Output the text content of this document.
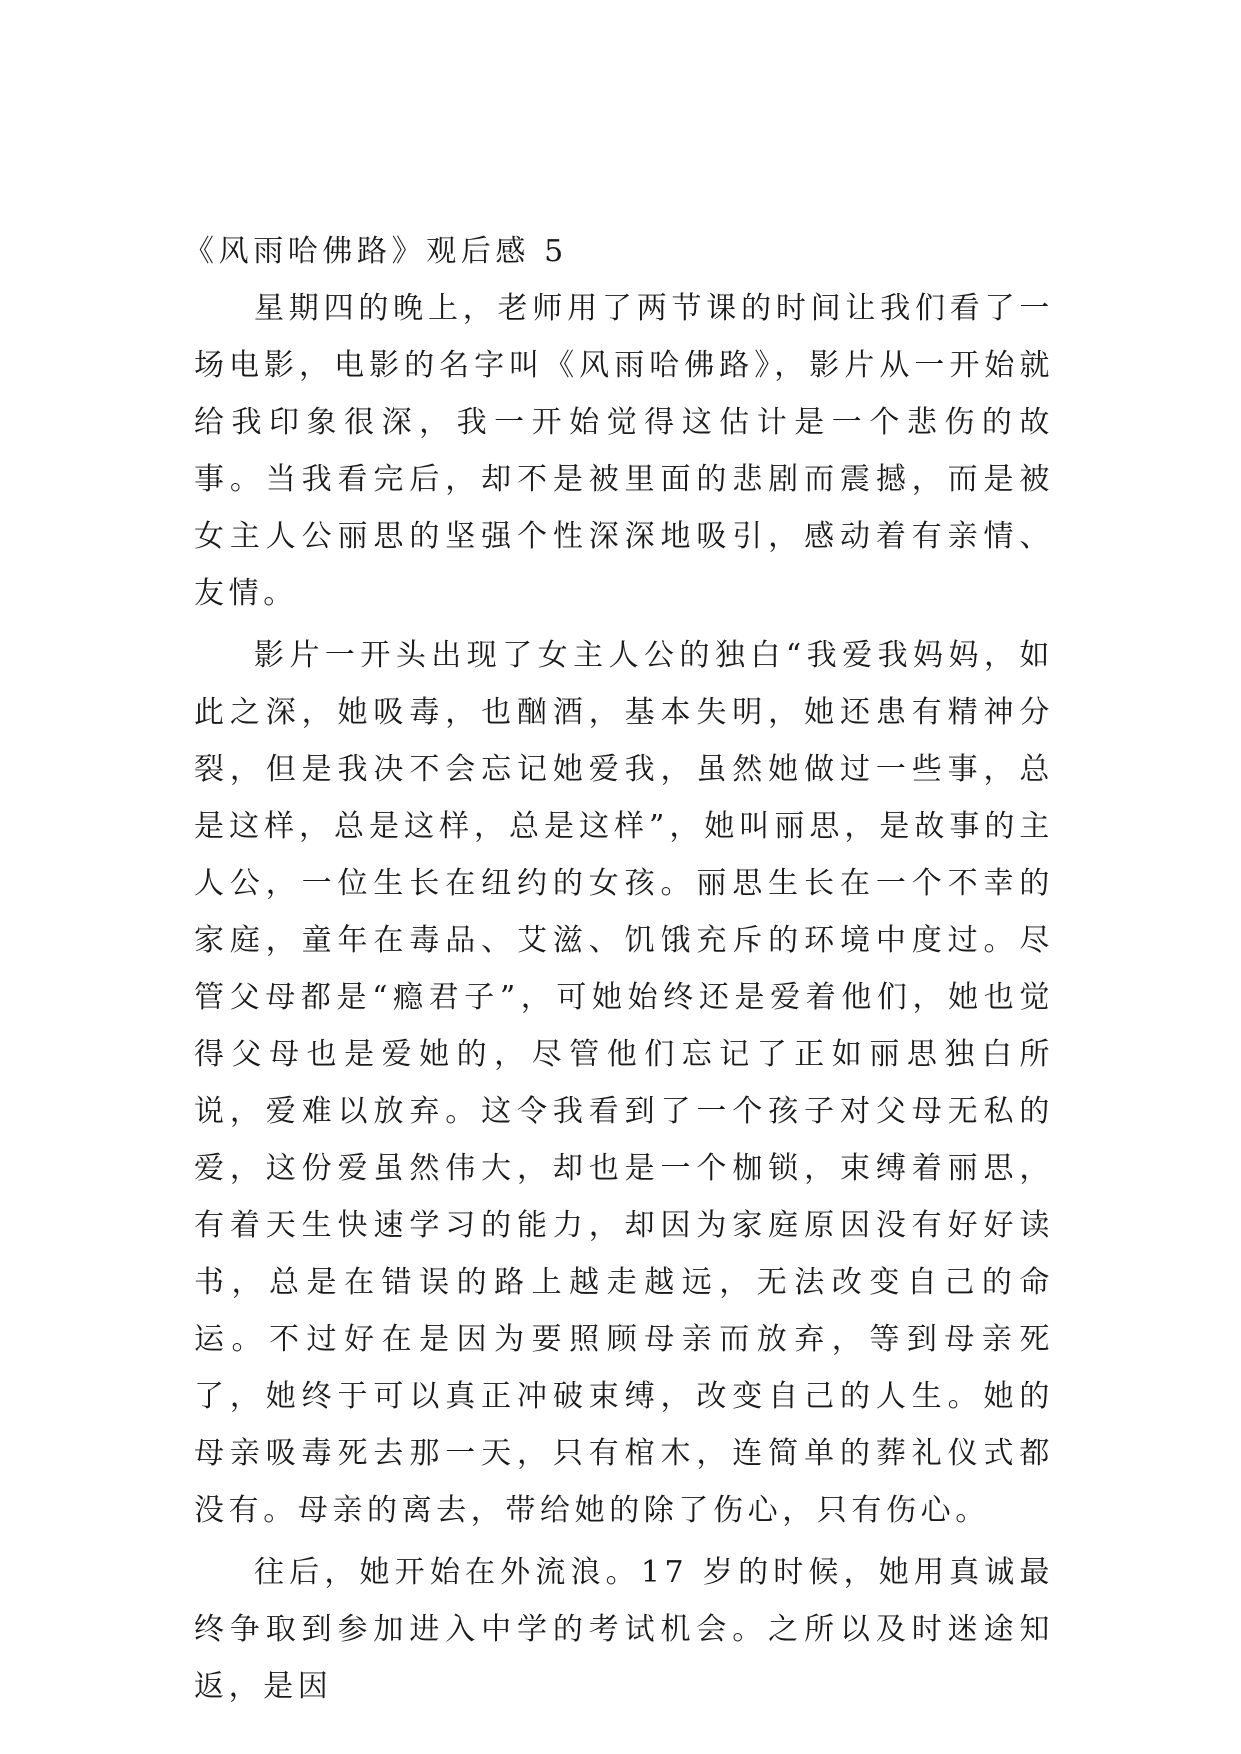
《风雨哈佛路》观后感 5

星期四的晚上，老师用了两节课的时间让我们看了一场电影，电影的名字叫《风雨哈佛路》，影片从一开始就给我印象很深，我一开始觉得这估计是一个悲伤的故事。当我看完后，却不是被里面的悲剧而震撼，而是被女主人公丽思的坚强个性深深地吸引，感动着有亲情、友情。

影片一开头出现了女主人公的独白“我爱我妈妈，如此之深，她吸毒，也酗酒，基本失明，她还患有精神分裂，但是我决不会忘记她爱我，虽然她做过一些事，总是这样，总是这样，总是这样”，她叫丽思，是故事的主人公，一位生长在纽约的女孩。丽思生长在一个不幸的家庭，童年在毒品、艾滋、饥饿充斥的环境中度过。尽管父母都是“瘾君子”，可她始终还是爱着他们，她也觉得父母也是爱她的，尽管他们忘记了正如丽思独白所说，爱难以放弃。这令我看到了一个孩子对父母无私的爱，这份爱虽然伟大，却也是一个枷锁，束缚着丽思，有着天生快速学习的能力，却因为家庭原因没有好好读书，总是在错误的路上越走越远，无法改变自己的命运。不过好在是因为要照顾母亲而放弃，等到母亲死了，她终于可以真正冲破束缚，改变自己的人生。她的母亲吸毒死去那一天，只有棺木，连简单的葬礼仪式都没有。母亲的离去，带给她的除了伤心，只有伤心。

往后，她开始在外流浪。17 岁的时候，她用真诚最终争取到参加进入中学的考试机会。之所以及时迷途知返，是因
